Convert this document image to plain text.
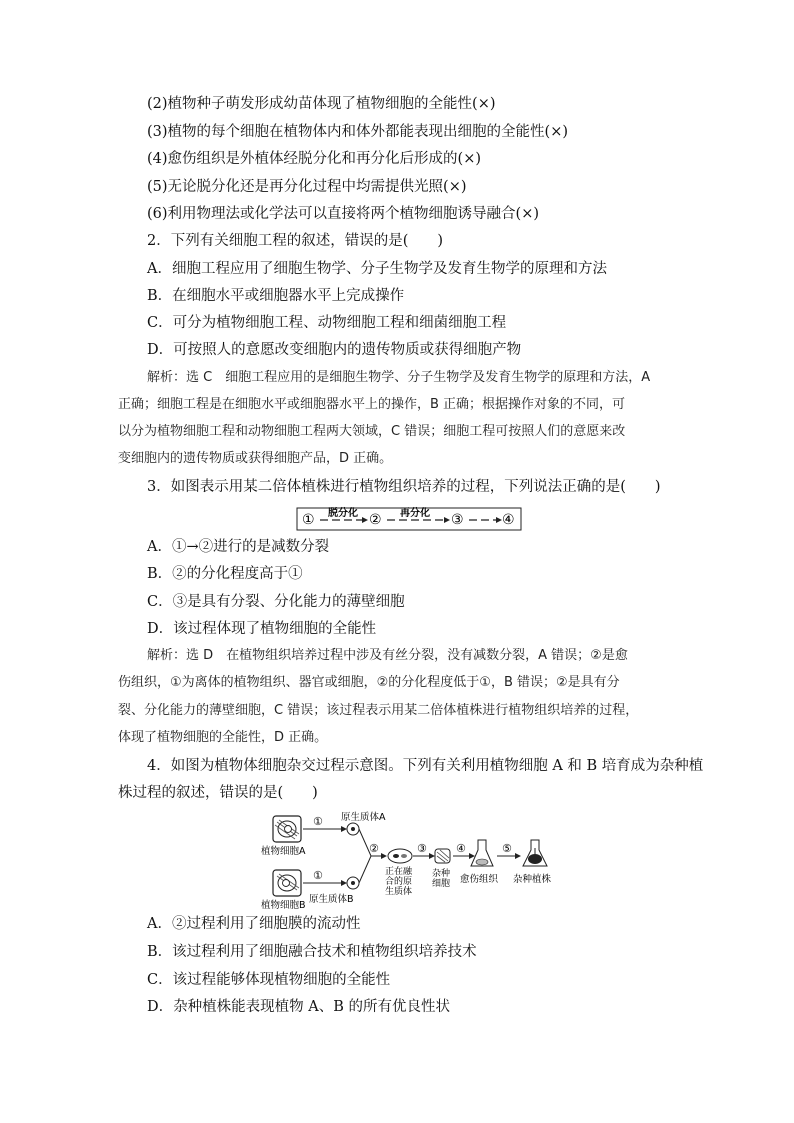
(2)植物种子萌发形成幼苗体现了植物细胞的全能性(×)
(3)植物的每个细胞在植物体内和体外都能表现出细胞的全能性(×)
(4)愈伤组织是外植体经脱分化和再分化后形成的(×)
(5)无论脱分化还是再分化过程中均需提供光照(×)
(6)利用物理法或化学法可以直接将两个植物细胞诱导融合(×)
2．下列有关细胞工程的叙述，错误的是(　　)
A．细胞工程应用了细胞生物学、分子生物学及发育生物学的原理和方法
B．在细胞水平或细胞器水平上完成操作
C．可分为植物细胞工程、动物细胞工程和细菌细胞工程
D．可按照人的意愿改变细胞内的遗传物质或获得细胞产物
解析：选 C　细胞工程应用的是细胞生物学、分子生物学及发育生物学的原理和方法，A
正确；细胞工程是在细胞水平或细胞器水平上的操作，B 正确；根据操作对象的不同，可
以分为植物细胞工程和动物细胞工程两大领域，C 错误；细胞工程可按照人们的意愿来改
变细胞内的遗传物质或获得细胞产品，D 正确。
3．如图表示用某二倍体植株进行植物组织培养的过程，下列说法正确的是(　　)
① 脱分化 ② 再分化 ③	④
A．①→②进行的是减数分裂
B．②的分化程度高于①
C．③是具有分裂、分化能力的薄壁细胞
D．该过程体现了植物细胞的全能性
解析：选 D　在植物组织培养过程中涉及有丝分裂，没有减数分裂，A 错误；②是愈
伤组织，①为离体的植物组织、器官或细胞，②的分化程度低于①，B 错误；②是具有分
裂、分化能力的薄壁细胞，C 错误；该过程表示用某二倍体植株进行植物组织培养的过程，
体现了植物细胞的全能性，D 正确。
4．如图为植物体细胞杂交过程示意图。下列有关利用植物细胞 A 和 B 培育成为杂种植
株过程的叙述，错误的是(　　)
植物细胞A
植物细胞B
①
①
原生质体A
原生质体B
②
正在融
合的原
生质体
③
杂种
细胞
④
愈伤组织
⑤
杂种植株
A．②过程利用了细胞膜的流动性
B．该过程利用了细胞融合技术和植物组织培养技术
C．该过程能够体现植物细胞的全能性
D．杂种植株能表现植物 A、B 的所有优良性状
